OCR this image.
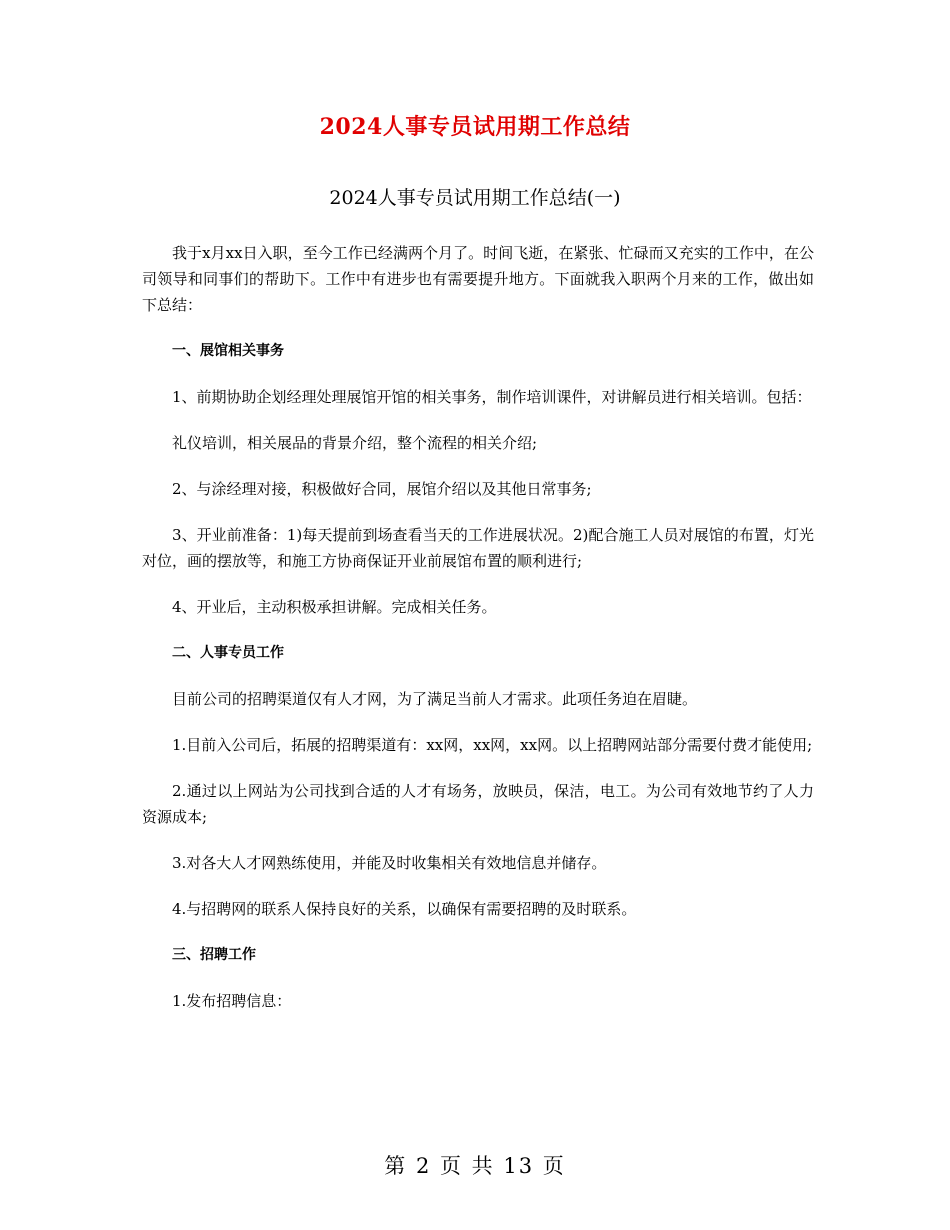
2024人事专员试用期工作总结
2024人事专员试用期工作总结(一)

我于x月xx日入职，至今工作已经满两个月了。时间飞逝，在紧张、忙碌而又充实的工作中，在公司领导和同事们的帮助下。工作中有进步也有需要提升地方。下面就我入职两个月来的工作，做出如下总结：

一、展馆相关事务

1、前期协助企划经理处理展馆开馆的相关事务，制作培训课件，对讲解员进行相关培训。包括：

礼仪培训，相关展品的背景介绍，整个流程的相关介绍;

2、与涂经理对接，积极做好合同，展馆介绍以及其他日常事务;

3、开业前准备：1)每天提前到场查看当天的工作进展状况。2)配合施工人员对展馆的布置，灯光对位，画的摆放等，和施工方协商保证开业前展馆布置的顺利进行;

4、开业后，主动积极承担讲解。完成相关任务。

二、人事专员工作

目前公司的招聘渠道仅有人才网，为了满足当前人才需求。此项任务迫在眉睫。

1.目前入公司后，拓展的招聘渠道有：xx网，xx网，xx网。以上招聘网站部分需要付费才能使用;

2.通过以上网站为公司找到合适的人才有场务，放映员，保洁，电工。为公司有效地节约了人力资源成本;

3.对各大人才网熟练使用，并能及时收集相关有效地信息并储存。

4.与招聘网的联系人保持良好的关系，以确保有需要招聘的及时联系。

三、招聘工作

1.发布招聘信息：

第 2 页 共 13 页
